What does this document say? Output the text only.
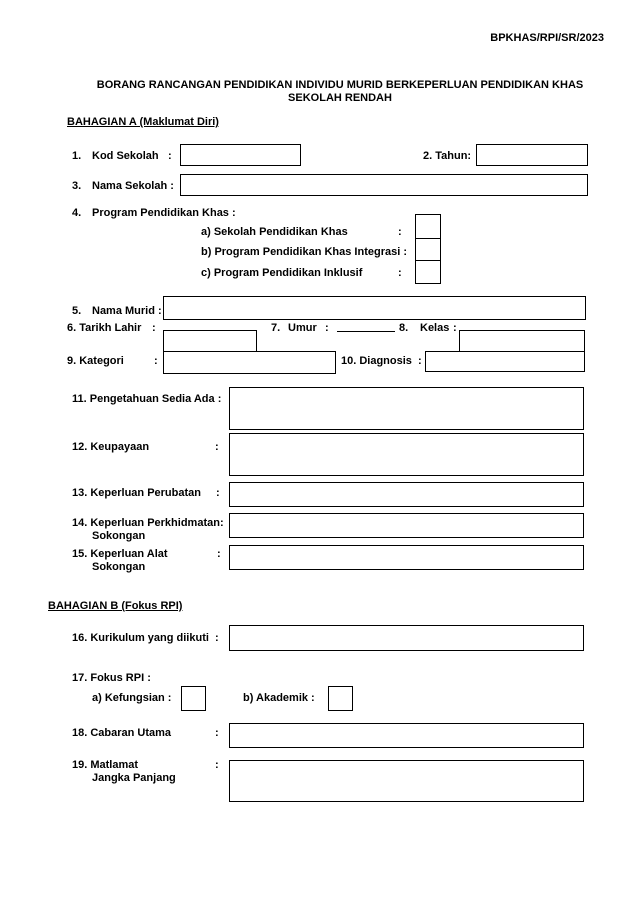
BPKHAS/RPI/SR/2023
BORANG RANCANGAN PENDIDIKAN INDIVIDU MURID BERKEPERLUAN PENDIDIKAN KHAS
SEKOLAH RENDAH
BAHAGIAN A (Maklumat Diri)
1. Kod Sekolah :	2. Tahun:
3. Nama Sekolah :
4. Program Pendidikan Khas :
a) Sekolah Pendidikan Khas	:
b) Program Pendidikan Khas Integrasi :
c) Program Pendidikan Inklusif	:
5. Nama Murid :
6. Tarikh Lahir :	7. Umur :	8. Kelas :
9. Kategori	:	10. Diagnosis :
11. Pengetahuan Sedia Ada :
12. Keupayaan	:
13. Keperluan Perubatan :
14. Keperluan Perkhidmatan:
Sokongan
15. Keperluan Alat
Sokongan
:
BAHAGIAN B (Fokus RPI)
16. Kurikulum yang diikuti :
17. Fokus RPI :
a) Kefungsian :	b) Akademik :
18. Cabaran Utama	:
19. Matlamat
Jangka Panjang
:
